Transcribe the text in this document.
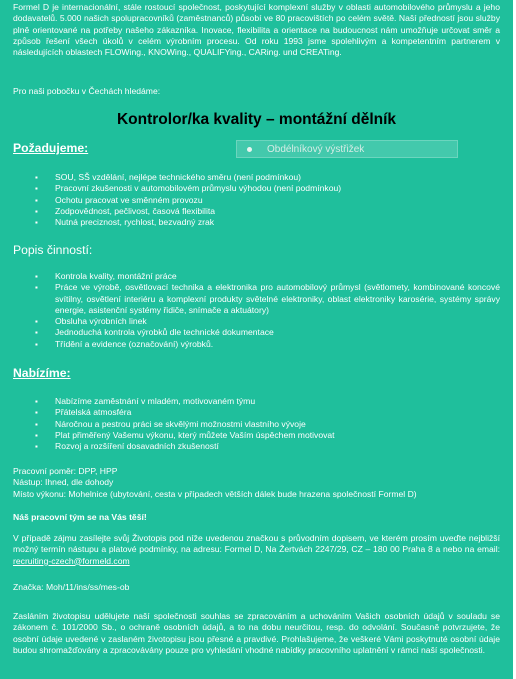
Formel D je internacionální, stále rostoucí společnost, poskytující komplexní služby v oblasti automobilového průmyslu a jeho dodavatelů. 5.000 našich spolupracovníků (zaměstnanců) působí ve 80 pracovištích po celém světě. Naší předností jsou služby plně orientované na potřeby našeho zákazníka. Inovace, flexibilita a orientace na budoucnost nám umožňuje určovat směr a způsob řešení všech úkolů v celém výrobním procesu. Od roku 1993 jsme spolehlivým a kompetentním partnerem v následujících oblastech FLOWing., KNOWing., QUALIFYing., CARing. und CREATing.

Pro naši pobočku v Čechách hledáme:

Kontrolor/ka kvality – montážní dělník
Obdélníkový výstřižek
Požadujeme:
▪ SOU, SŠ vzdělání, nejlépe technického směru (není podmínkou)
▪ Pracovní zkušenosti v automobilovém průmyslu výhodou (není podmínkou)
▪ Ochotu pracovat ve směnném provozu
▪ Zodpovědnost, pečlivost, časová flexibilita
▪ Nutná preciznost, rychlost, bezvadný zrak
Popis činností:
▪ Kontrola kvality, montážní práce
▪ Práce ve výrobě, osvětlovací technika a elektronika pro automobilový průmysl (světlomety, kombinované koncové svítilny, osvětlení interiéru a komplexní produkty světelné elektroniky, oblast elektroniky karosérie, systémy správy energie, asistenční systémy řidiče, snímače a aktuátory)
▪ Obsluha výrobních linek
▪ Jednoduchá kontrola výrobků dle technické dokumentace
▪ Třídění a evidence (označování) výrobků.
Nabízíme:
▪ Nabízíme zaměstnání v mladém, motivovaném týmu
▪ Přátelská atmosféra
▪ Náročnou a pestrou práci se skvělými možnostmi vlastního vývoje
▪ Plat přiměřený Vašemu výkonu, který můžete Vaším úspěchem motivovat
▪ Rozvoj a rozšíření dosavadních zkušeností
Pracovní poměr: DPP, HPP
Nástup: Ihned, dle dohody
Místo výkonu: Mohelnice (ubytování, cesta v případech větších dálek bude hrazena společností Formel D)

Náš pracovní tým se na Vás těší!

V případě zájmu zasílejte svůj Životopis pod níže uvedenou značkou s průvodním dopisem, ve kterém prosím uveďte nejbližší možný termín nástupu a platové podmínky, na adresu: Formel D, Na Žertvách 2247/29, CZ – 180 00 Praha 8 a nebo na email: recruiting-czech@formeld.com

Značka: Moh/11/ins/ss/mes-ob

Zasláním životopisu udělujete naší společnosti souhlas se zpracováním a uchováním Vašich osobních údajů v souladu se zákonem č. 101/2000 Sb., o ochraně osobních údajů, a to na dobu neurčitou, resp. do odvolání. Současně potvrzujete, že osobní údaje uvedené v zaslaném životopisu jsou přesné a pravdivé. Prohlašujeme, že veškeré Vámi poskytnuté osobní údaje budou shromažďovány a zpracovávány pouze pro vyhledání vhodné nabídky pracovního uplatnění v rámci naší společnosti.
